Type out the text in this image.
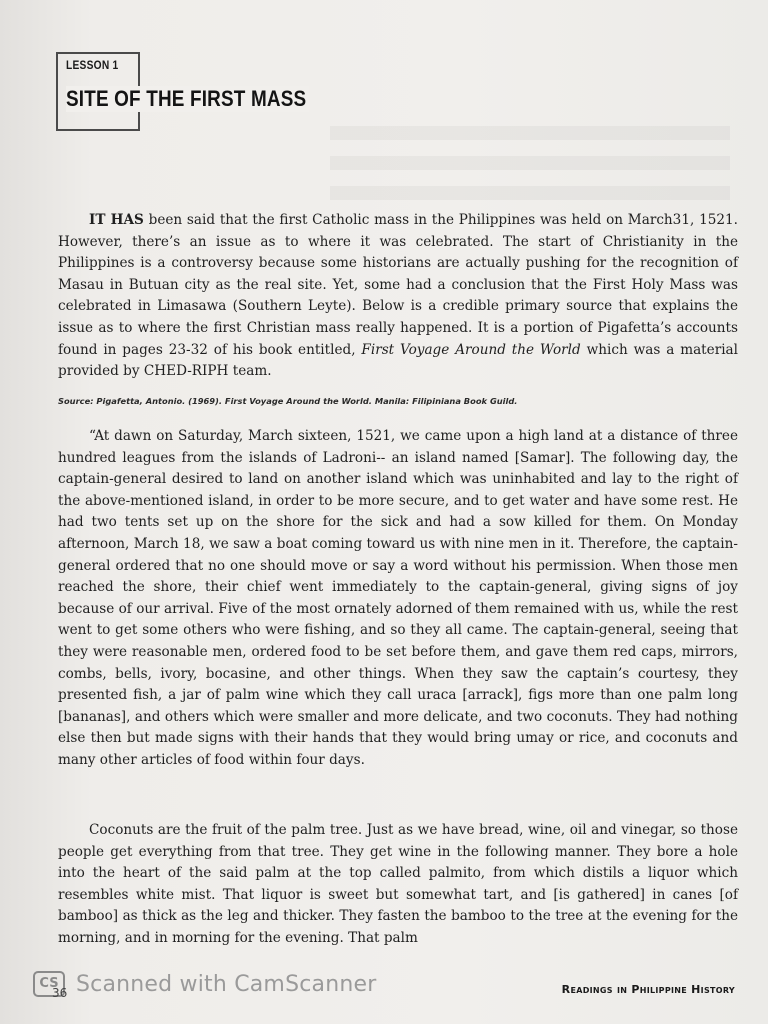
LESSON 1
SITE OF THE FIRST MASS

IT HAS been said that the first Catholic mass in the Philippines was held on March31, 1521. However, there’s an issue as to where it was celebrated. The start of Christianity in the Philippines is a controversy because some historians are actually pushing for the recognition of Masau in Butuan city as the real site. Yet, some had a conclusion that the First Holy Mass was celebrated in Limasawa (Southern Leyte). Below is a credible primary source that explains the issue as to where the first Christian mass really happened. It is a portion of Pigafetta’s accounts found in pages 23-32 of his book entitled, First Voyage Around the World which was a material provided by CHED-RIPH team.

Source: Pigafetta, Antonio. (1969). First Voyage Around the World. Manila: Filipiniana Book Guild.

“At dawn on Saturday, March sixteen, 1521, we came upon a high land at a distance of three hundred leagues from the islands of Ladroni-- an island named [Samar]. The following day, the captain-general desired to land on another island which was uninhabited and lay to the right of the above-mentioned island, in order to be more secure, and to get water and have some rest. He had two tents set up on the shore for the sick and had a sow killed for them. On Monday afternoon, March 18, we saw a boat coming toward us with nine men in it. Therefore, the captain-general ordered that no one should move or say a word without his permission. When those men reached the shore, their chief went immediately to the captain-general, giving signs of joy because of our arrival. Five of the most ornately adorned of them remained with us, while the rest went to get some others who were fishing, and so they all came. The captain-general, seeing that they were reasonable men, ordered food to be set before them, and gave them red caps, mirrors, combs, bells, ivory, bocasine, and other things. When they saw the captain’s courtesy, they presented fish, a jar of palm wine which they call uraca [arrack], figs more than one palm long [bananas], and others which were smaller and more delicate, and two coconuts. They had nothing else then but made signs with their hands that they would bring umay or rice, and coconuts and many other articles of food within four days.

Coconuts are the fruit of the palm tree. Just as we have bread, wine, oil and vinegar, so those people get everything from that tree. They get wine in the following manner. They bore a hole into the heart of the said palm at the top called palmito, from which distils a liquor which resembles white mist. That liquor is sweet but somewhat tart, and [is gathered] in canes [of bamboo] as thick as the leg and thicker. They fasten the bamboo to the tree at the evening for the morning, and in morning for the evening. That palm

CS
36 Scanned with CamScanner	Readings in Philippine History
